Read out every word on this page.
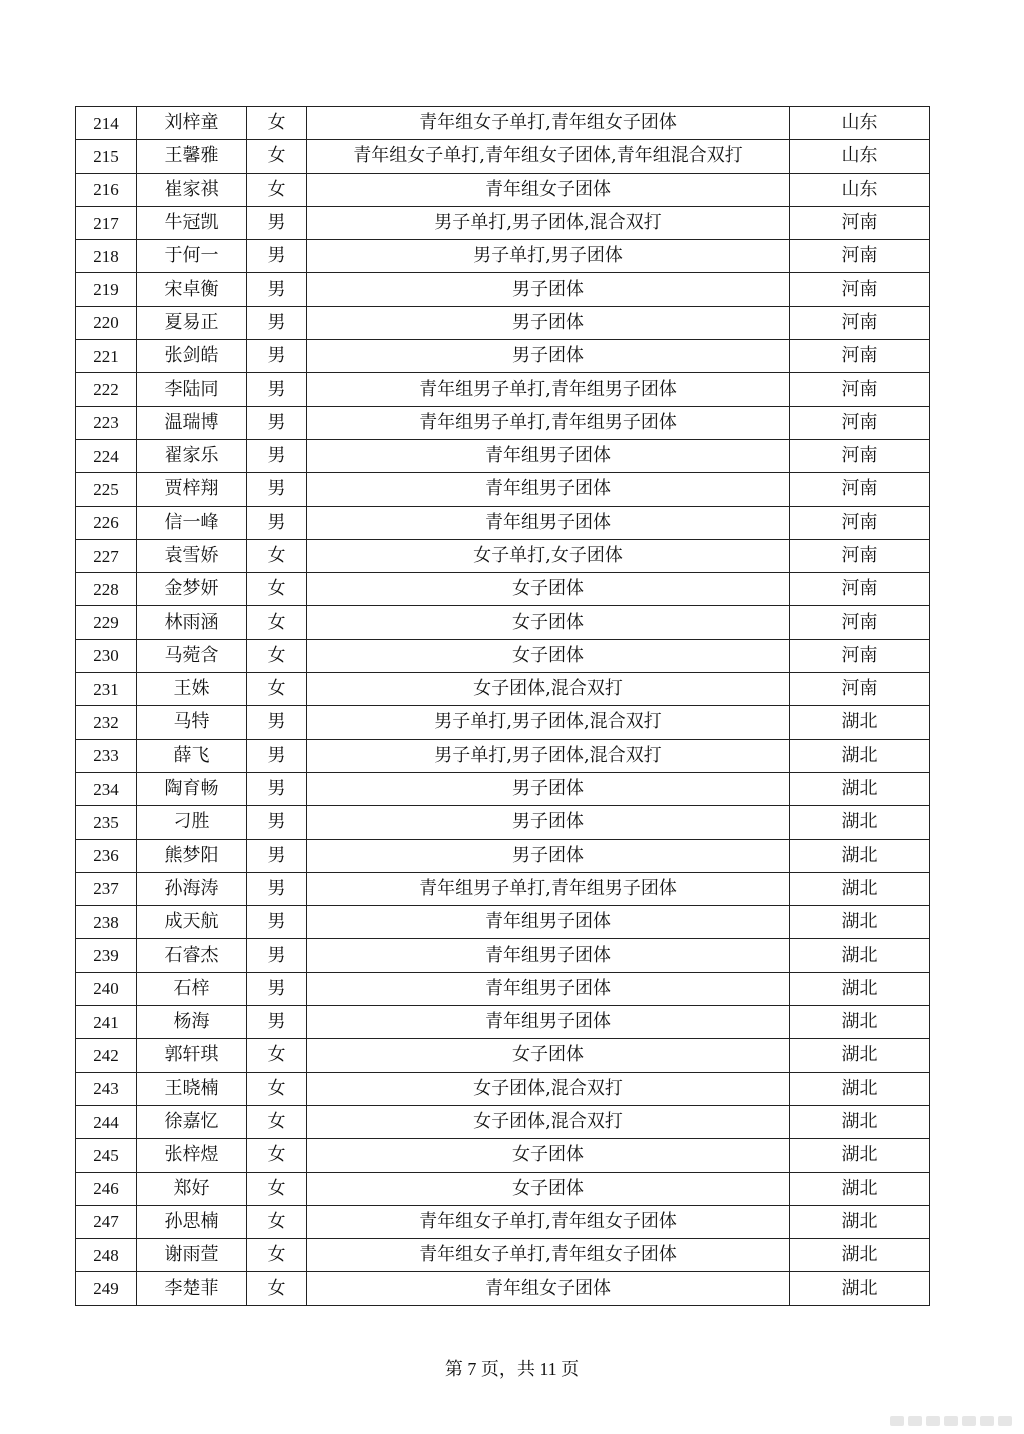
214	刘梓童	女	青年组女子单打,青年组女子团体	山东
215	王馨雅	女	青年组女子单打,青年组女子团体,青年组混合双打	山东
216	崔家祺	女	青年组女子团体	山东
217	牛冠凯	男	男子单打,男子团体,混合双打	河南
218	于何一	男	男子单打,男子团体	河南
219	宋卓衡	男	男子团体	河南
220	夏易正	男	男子团体	河南
221	张剑皓	男	男子团体	河南
222	李陆同	男	青年组男子单打,青年组男子团体	河南
223	温瑞博	男	青年组男子单打,青年组男子团体	河南
224	翟家乐	男	青年组男子团体	河南
225	贾梓翔	男	青年组男子团体	河南
226	信一峰	男	青年组男子团体	河南
227	袁雪娇	女	女子单打,女子团体	河南
228	金梦妍	女	女子团体	河南
229	林雨涵	女	女子团体	河南
230	马菀含	女	女子团体	河南
231	王姝	女	女子团体,混合双打	河南
232	马特	男	男子单打,男子团体,混合双打	湖北
233	薛飞	男	男子单打,男子团体,混合双打	湖北
234	陶育畅	男	男子团体	湖北
235	刁胜	男	男子团体	湖北
236	熊梦阳	男	男子团体	湖北
237	孙海涛	男	青年组男子单打,青年组男子团体	湖北
238	成天航	男	青年组男子团体	湖北
239	石睿杰	男	青年组男子团体	湖北
240	石梓	男	青年组男子团体	湖北
241	杨海	男	青年组男子团体	湖北
242	郭轩琪	女	女子团体	湖北
243	王晓楠	女	女子团体,混合双打	湖北
244	徐嘉忆	女	女子团体,混合双打	湖北
245	张梓煜	女	女子团体	湖北
246	郑好	女	女子团体	湖北
247	孙思楠	女	青年组女子单打,青年组女子团体	湖北
248	谢雨萱	女	青年组女子单打,青年组女子团体	湖北
249	李楚菲	女	青年组女子团体	湖北
第 7 页，共 11 页
